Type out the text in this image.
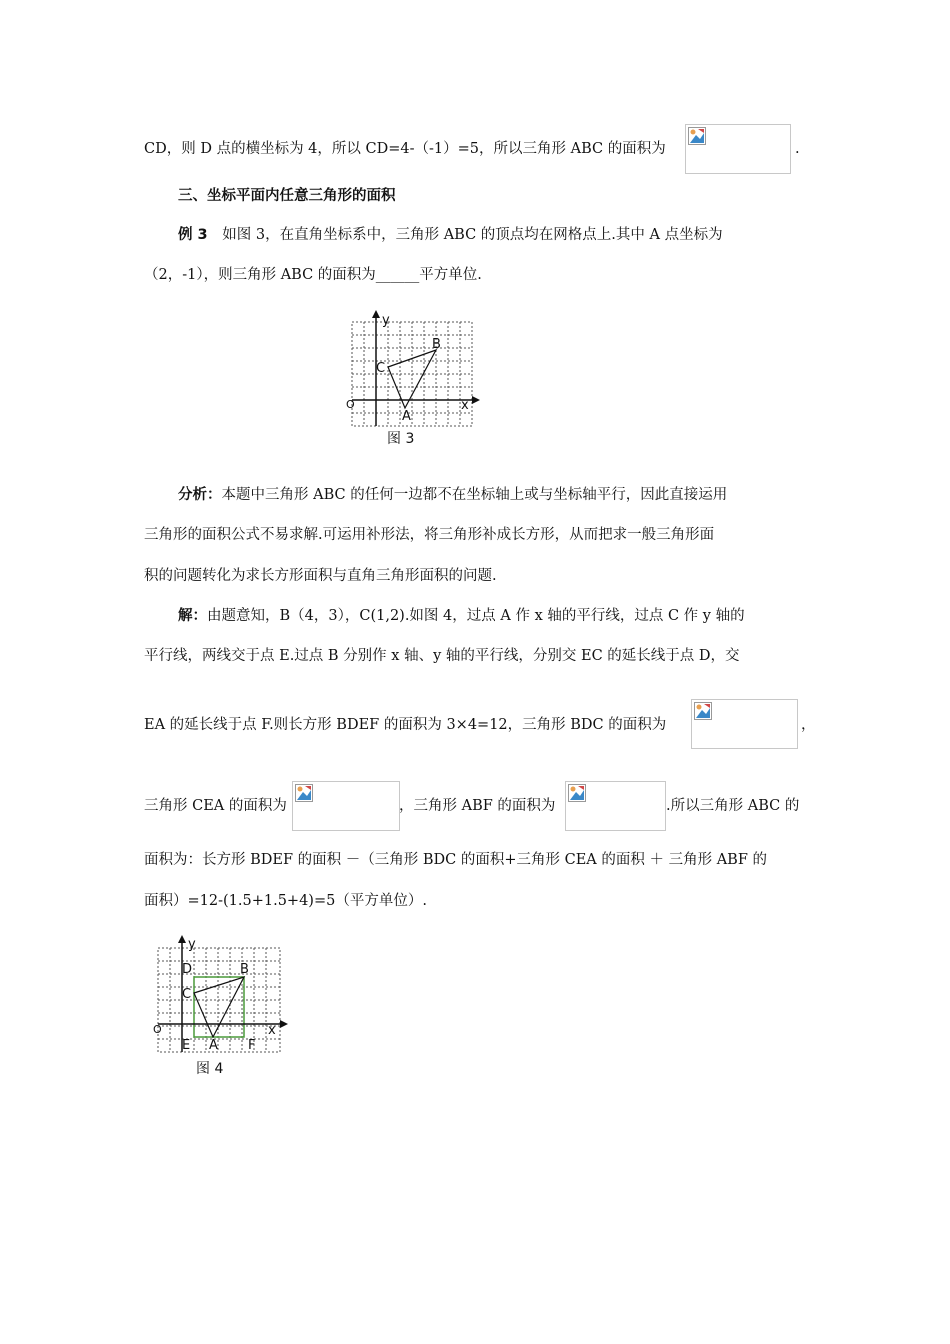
CD，则 D 点的横坐标为 4，所以 CD=4-（-1）=5，所以三角形 ABC 的面积为	.
三、坐标平面内任意三角形的面积
例 3 如图 3，在直角坐标系中，三角形 ABC 的顶点均在网格点上.其中 A 点坐标为
（2，-1），则三角形 ABC 的面积为______平方单位.
y
x
O
A
B
C
图 3
分析：本题中三角形 ABC 的任何一边都不在坐标轴上或与坐标轴平行，因此直接运用
三角形的面积公式不易求解.可运用补形法，将三角形补成长方形，从而把求一般三角形面
积的问题转化为求长方形面积与直角三角形面积的问题.
解：由题意知，B（4，3），C(1,2).如图 4，过点 A 作 x 轴的平行线，过点 C 作 y 轴的
平行线，两线交于点 E.过点 B 分别作 x 轴、y 轴的平行线，分别交 EC 的延长线于点 D，交
EA 的延长线于点 F.则长方形 BDEF 的面积为 3×4=12，三角形 BDC 的面积为	，
三角形 CEA 的面积为	，三角形 ABF 的面积为	.所以三角形 ABC 的
面积为：长方形 BDEF 的面积 －（三角形 BDC 的面积+三角形 CEA 的面积 ＋ 三角形 ABF 的
面积）=12-(1.5+1.5+4)=5（平方单位）.
y
x
O
D	B
C
E A F
图 4
